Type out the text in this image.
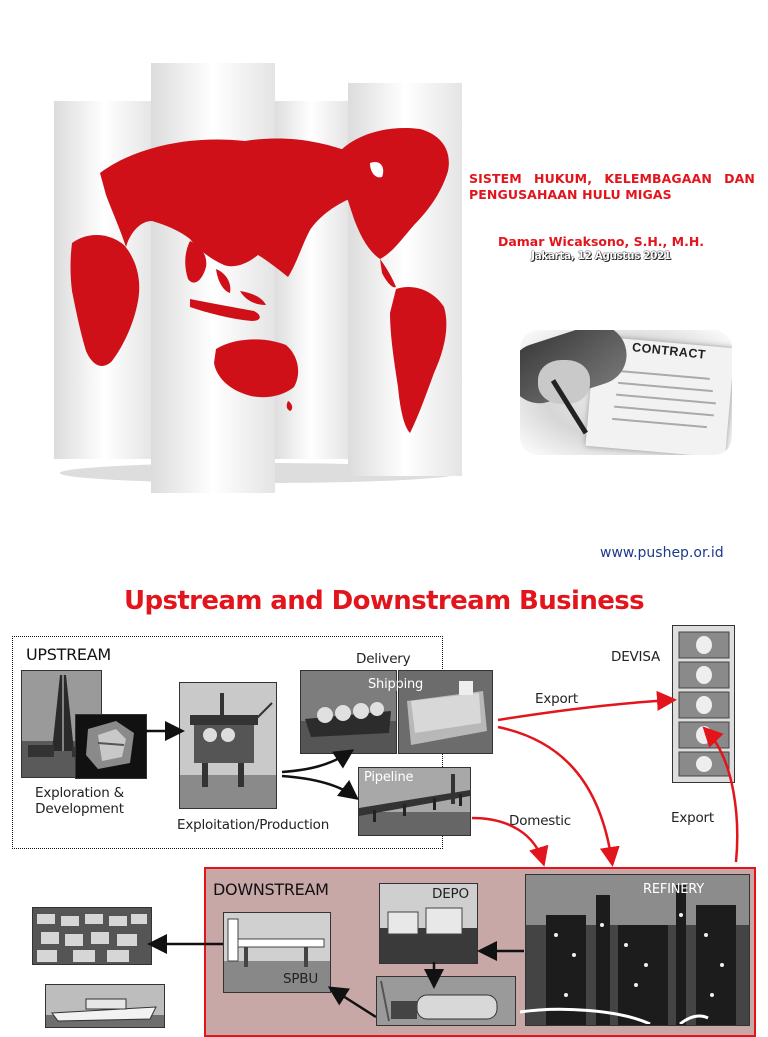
SISTEM HUKUM, KELEMBAGAAN DAN
PENGUSAHAAN HULU MIGAS
Damar Wicaksono, S.H., M.H.
Jakarta, 12 Agustus 2021
CONTRACT
www.pushep.or.id
Upstream and Downstream Business
UPSTREAM
DOWNSTREAM
Exploration &
Development
Exploitation/Production
Delivery
Shipping
Pipeline
DEVISA
Export
Export
Domestic
REFINERY
DEPO
SPBU
